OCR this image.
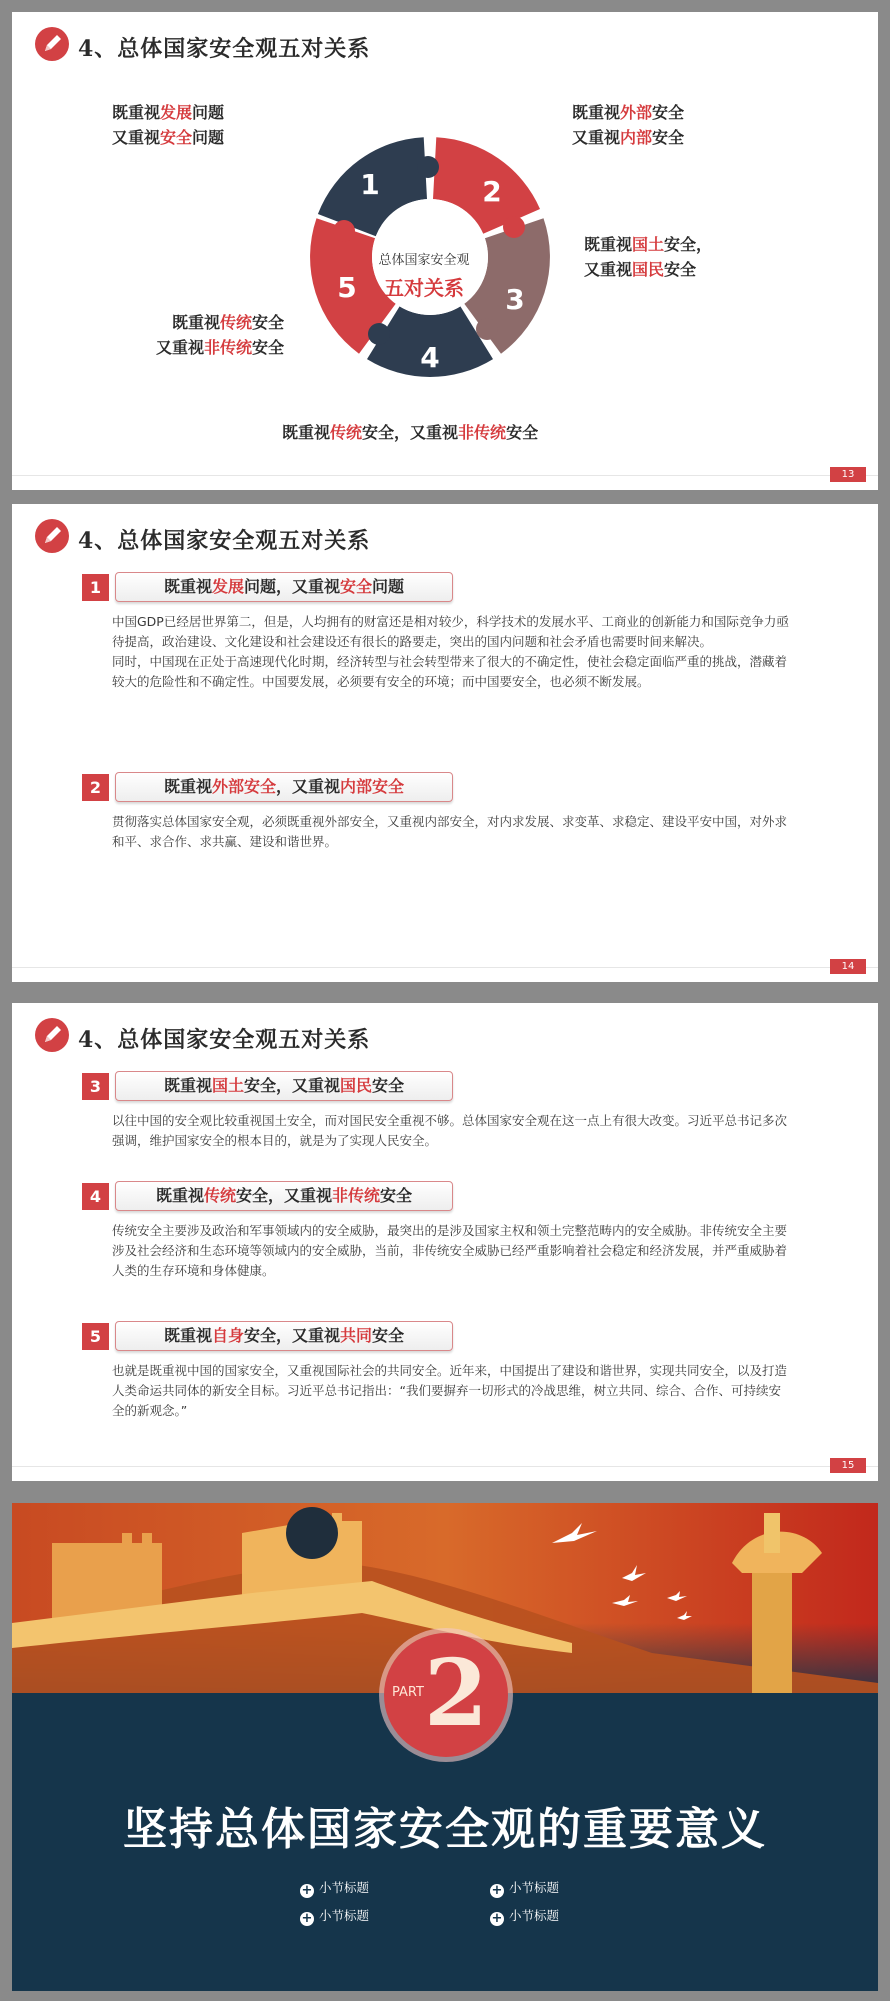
4、总体国家安全观五对关系
1	2
3
4
5
总体国家安全观
五对关系
既重视发展问题
又重视安全问题
既重视外部安全
又重视内部安全
既重视国土安全，
又重视国民安全
既重视传统安全
又重视非传统安全
既重视传统安全，又重视非传统安全
13
4、总体国家安全观五对关系
1	既重视发展问题，又重视安全问题
中国GDP已经居世界第二，但是，人均拥有的财富还是相对较少，科学技术的发展水平、工商业的创新能力和国际竞争力亟待提高，政治建设、文化建设和社会建设还有很长的路要走，突出的国内问题和社会矛盾也需要时间来解决。
同时，中国现在正处于高速现代化时期，经济转型与社会转型带来了很大的不确定性，使社会稳定面临严重的挑战，潜藏着较大的危险性和不确定性。中国要发展，必须要有安全的环境；而中国要安全，也必须不断发展。
2	既重视外部安全，又重视内部安全
贯彻落实总体国家安全观，必须既重视外部安全，又重视内部安全，对内求发展、求变革、求稳定、建设平安中国，对外求和平、求合作、求共赢、建设和谐世界。
14
4、总体国家安全观五对关系
3	既重视国土安全，又重视国民安全
以往中国的安全观比较重视国土安全，而对国民安全重视不够。总体国家安全观在这一点上有很大改变。习近平总书记多次强调，维护国家安全的根本目的，就是为了实现人民安全。
4	既重视传统安全，又重视非传统安全
传统安全主要涉及政治和军事领域内的安全威胁，最突出的是涉及国家主权和领土完整范畴内的安全威胁。非传统安全主要涉及社会经济和生态环境等领域内的安全威胁，当前，非传统安全威胁已经严重影响着社会稳定和经济发展，并严重威胁着人类的生存环境和身体健康。
5	既重视自身安全，又重视共同安全
也就是既重视中国的国家安全，又重视国际社会的共同安全。近年来，中国提出了建设和谐世界，实现共同安全，以及打造人类命运共同体的新安全目标。习近平总书记指出：“我们要摒弃一切形式的冷战思维，树立共同、综合、合作、可持续安全的新观念。”
15
PART 2
坚持总体国家安全观的重要意义
+ 小节标题	+ 小节标题
+ 小节标题	+ 小节标题
